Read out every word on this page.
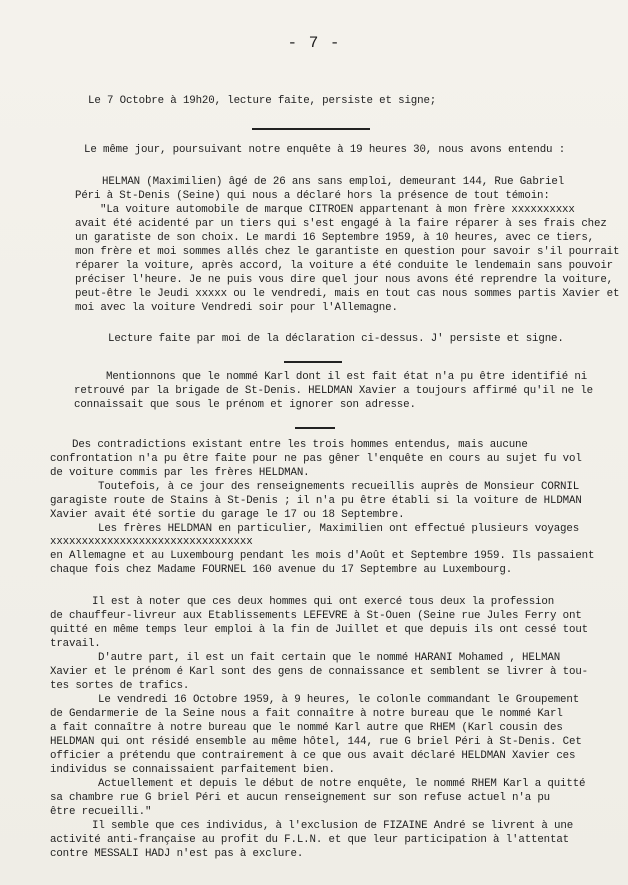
- 7 -
Le 7 Octobre à 19h20, lecture faite, persiste et signe;
Le même jour, poursuivant notre enquête à 19 heures 30, nous avons entendu :
HELMAN (Maximilien) âgé de 26 ans sans emploi, demeurant 144, Rue Gabriel
Péri à St-Denis (Seine) qui nous a déclaré hors la présence de tout témoin:
"La voiture automobile de marque CITROEN appartenant à mon frère xxxxxxxxxx
avait été acidenté par un tiers qui s'est engagé à la faire réparer à ses frais chez
un garatiste de son choix. Le mardi 16 Septembre 1959, à 10 heures, avec ce tiers,
mon frère et moi sommes allés chez le garantiste en question pour savoir s'il pourrait
réparer la voiture, après accord, la voiture a été conduite le lendemain sans pouvoir
préciser l'heure. Je ne puis vous dire quel jour nous avons été reprendre la voiture,
peut-être le Jeudi xxxxx ou le vendredi, mais en tout cas nous sommes partis Xavier et
moi avec la voiture Vendredi soir pour l'Allemagne.
Lecture faite par moi de la déclaration ci-dessus. J' persiste et signe.
Mentionnons que le nommé Karl dont il est fait état n'a pu être identifié ni
retrouvé par la brigade de St-Denis. HELDMAN Xavier a toujours affirmé qu'il ne le
connaissait que sous le prénom et ignorer son adresse.
Des contradictions existant entre les trois hommes entendus, mais aucune
confrontation n'a pu être faite pour ne pas gêner l'enquête en cours au sujet fu vol
de voiture commis par les frères HELDMAN.
Toutefois, à ce jour des renseignements recueillis auprès de Monsieur CORNIL
garagiste route de Stains à St-Denis ; il n'a pu être établi si la voiture de HLDMAN
Xavier avait été sortie du garage le 17 ou 18 Septembre.
Les frères HELDMAN en particulier, Maximilien ont effectué plusieurs voyages
xxxxxxxxxxxxxxxxxxxxxxxxxxxxxxxx
en Allemagne et au Luxembourg pendant les mois d'Août et Septembre 1959. Ils passaient
chaque fois chez Madame FOURNEL 160 avenue du 17 Septembre au Luxembourg.
Il est à noter que ces deux hommes qui ont exercé tous deux la profession
de chauffeur-livreur aux Etablissements LEFEVRE à St-Ouen (Seine rue Jules Ferry ont
quitté en même temps leur emploi à la fin de Juillet et que depuis ils ont cessé tout
travail.
D'autre part, il est un fait certain que le nommé HARANI Mohamed , HELMAN
Xavier et le prénom é Karl sont des gens de connaissance et semblent se livrer à tou-
tes sortes de trafics.
Le vendredi 16 Octobre 1959, à 9 heures, le colonle commandant le Groupement
de Gendarmerie de la Seine nous a fait connaître à notre bureau que le nommé Karl
a fait connaître à notre bureau que le nommé Karl autre que RHEM (Karl cousin des
HELDMAN qui ont résidé ensemble au même hôtel, 144, rue G briel Péri à St-Denis. Cet
officier a prétendu que contrairement à ce que ous avait déclaré HELDMAN Xavier ces
individus se connaissaient parfaitement bien.
Actuellement et depuis le début de notre enquête, le nommé RHEM Karl a quitté
sa chambre rue G briel Péri et aucun renseignement sur son refuse actuel n'a pu
être recueilli."
Il semble que ces individus, à l'exclusion de FIZAINE André se livrent à une
activité anti-française au profit du F.L.N. et que leur participation à l'attentat
contre MESSALI HADJ n'est pas à exclure.
